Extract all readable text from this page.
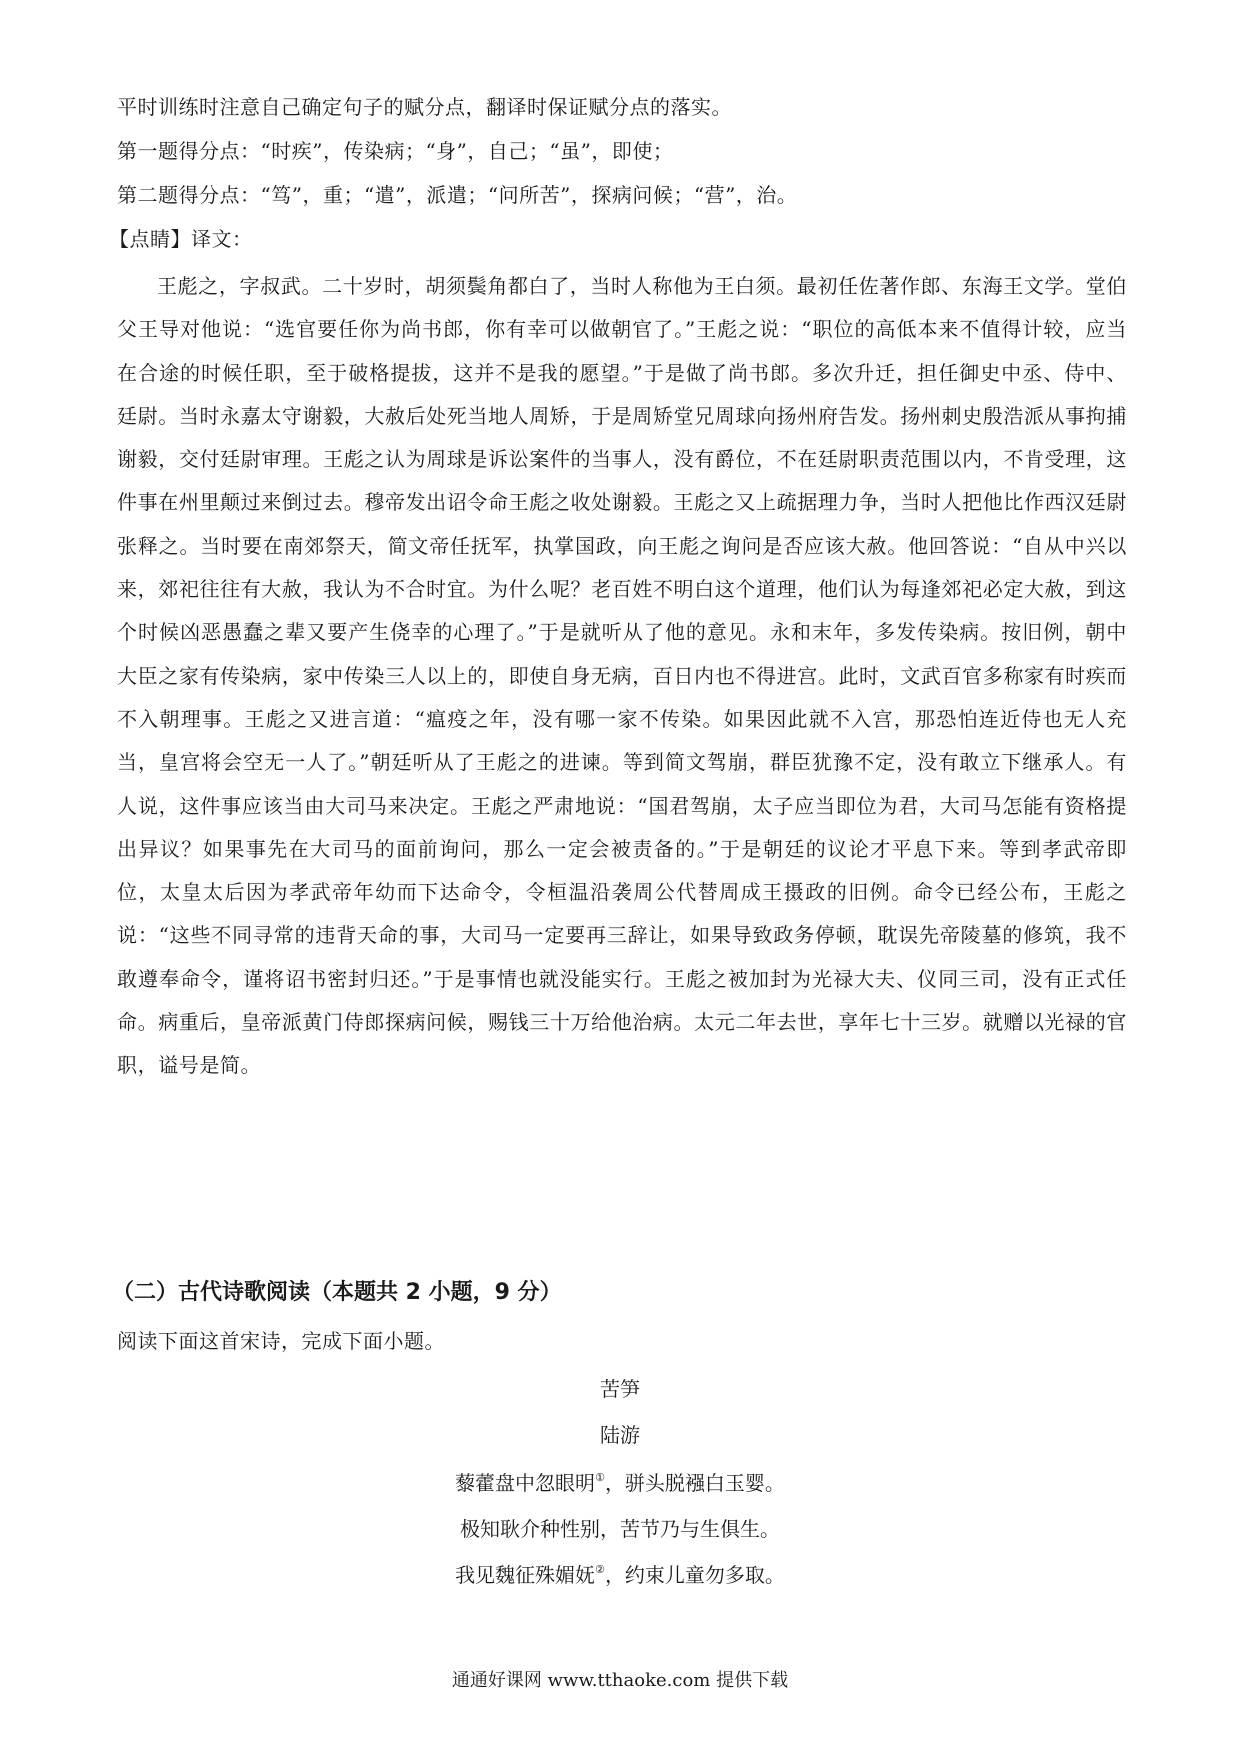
平时训练时注意自己确定句子的赋分点，翻译时保证赋分点的落实。
第一题得分点：“时疾”，传染病；“身”，自己；“虽”，即使；
第二题得分点：“笃”，重；“遣”，派遣；“问所苦”，探病问候；“营”，治。
【点睛】译文：
王彪之，字叔武。二十岁时，胡须鬓角都白了，当时人称他为王白须。最初任佐著作郎、东海王文学。堂伯父王导对他说：“选官要任你为尚书郎，你有幸可以做朝官了。”王彪之说：“职位的高低本来不值得计较，应当在合途的时候任职，至于破格提拔，这并不是我的愿望。”于是做了尚书郎。多次升迁，担任御史中丞、侍中、廷尉。当时永嘉太守谢毅，大赦后处死当地人周矫，于是周矫堂兄周球向扬州府告发。扬州刺史殷浩派从事拘捕谢毅，交付廷尉审理。王彪之认为周球是诉讼案件的当事人，没有爵位，不在廷尉职责范围以内，不肯受理，这件事在州里颠过来倒过去。穆帝发出诏令命王彪之收处谢毅。王彪之又上疏据理力争，当时人把他比作西汉廷尉张释之。当时要在南郊祭天，简文帝任抚军，执掌国政，向王彪之询问是否应该大赦。他回答说：“自从中兴以来，郊祀往往有大赦，我认为不合时宜。为什么呢？老百姓不明白这个道理，他们认为每逢郊祀必定大赦，到这个时候凶恶愚蠢之辈又要产生侥幸的心理了。”于是就听从了他的意见。永和末年，多发传染病。按旧例，朝中大臣之家有传染病，家中传染三人以上的，即使自身无病，百日内也不得进宫。此时，文武百官多称家有时疾而不入朝理事。王彪之又进言道：“瘟疫之年，没有哪一家不传染。如果因此就不入宫，那恐怕连近侍也无人充当，皇宫将会空无一人了。”朝廷听从了王彪之的进谏。等到简文驾崩，群臣犹豫不定，没有敢立下继承人。有人说，这件事应该当由大司马来决定。王彪之严肃地说：“国君驾崩，太子应当即位为君，大司马怎能有资格提出异议？如果事先在大司马的面前询问，那么一定会被责备的。”于是朝廷的议论才平息下来。等到孝武帝即位，太皇太后因为孝武帝年幼而下达命令，令桓温沿袭周公代替周成王摄政的旧例。命令已经公布，王彪之说：“这些不同寻常的违背天命的事，大司马一定要再三辞让，如果导致政务停顿，耽误先帝陵墓的修筑，我不敢遵奉命令，谨将诏书密封归还。”于是事情也就没能实行。王彪之被加封为光禄大夫、仪同三司，没有正式任命。病重后，皇帝派黄门侍郎探病问候，赐钱三十万给他治病。太元二年去世，享年七十三岁。就赠以光禄的官职，谥号是简。
（二）古代诗歌阅读（本题共 2 小题，9 分）
阅读下面这首宋诗，完成下面小题。
苦笋
陆游
藜藿盘中忽眼明①，骈头脱襁白玉婴。
极知耿介种性别，苦节乃与生俱生。
我见魏征殊媚妩②，约束儿童勿多取。
通通好课网 www.tthaoke.com 提供下载
